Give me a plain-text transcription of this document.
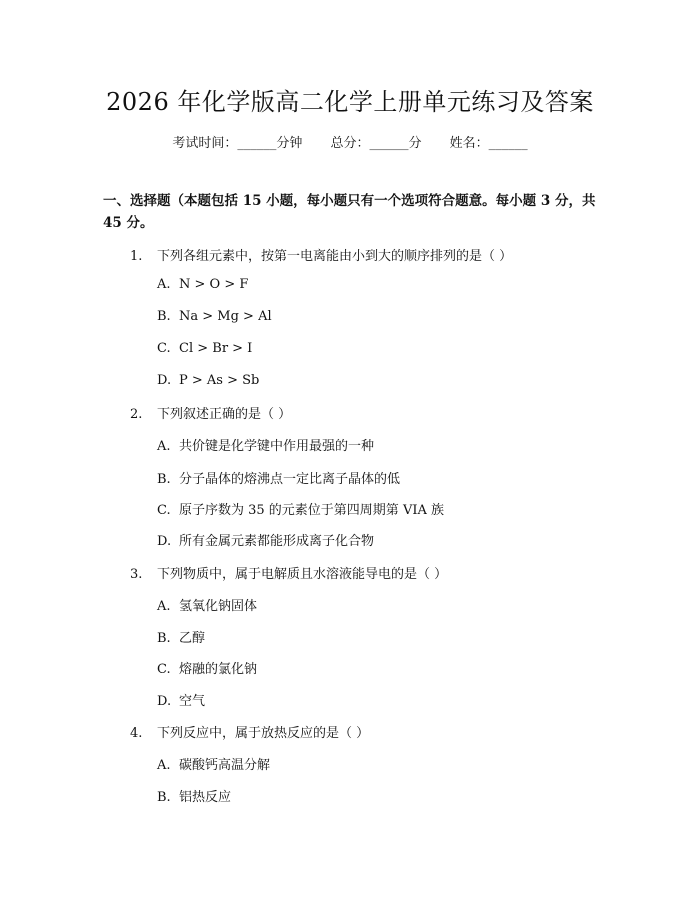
2026 年化学版高二化学上册单元练习及答案
考试时间：______分钟 总分：______分 姓名：______
一、选择题（本题包括 15 小题，每小题只有一个选项符合题意。每小题 3 分，共 45 分。
1. 下列各组元素中，按第一电离能由小到大的顺序排列的是（ ）
A. N > O > F
B. Na > Mg > Al
C. Cl > Br > I
D. P > As > Sb
2. 下列叙述正确的是（ ）
A. 共价键是化学键中作用最强的一种
B. 分子晶体的熔沸点一定比离子晶体的低
C. 原子序数为 35 的元素位于第四周期第 VIA 族
D. 所有金属元素都能形成离子化合物
3. 下列物质中，属于电解质且水溶液能导电的是（ ）
A. 氢氧化钠固体
B. 乙醇
C. 熔融的氯化钠
D. 空气
4. 下列反应中，属于放热反应的是（ ）
A. 碳酸钙高温分解
B. 铝热反应
